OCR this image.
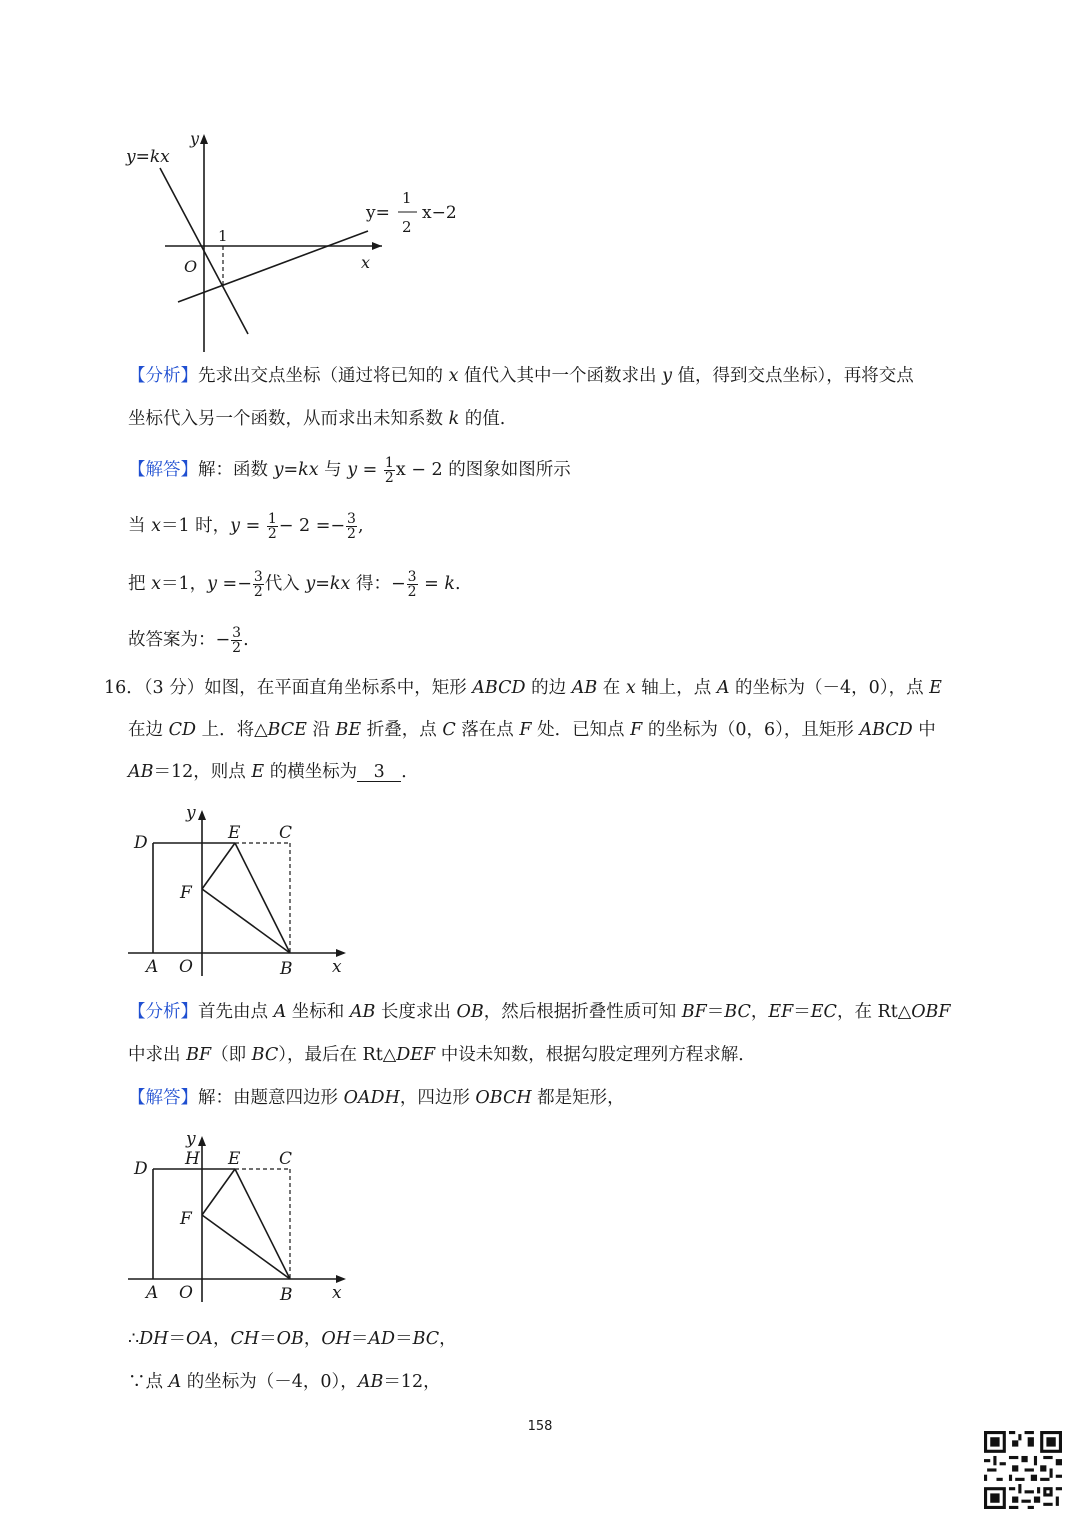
y=kx
y
x
O
1
y=
1
2
x−2
【分析】先求出交点坐标（通过将已知的 x 值代入其中一个函数求出 y 值，得到交点坐标），再将交点
坐标代入另一个函数，从而求出未知系数 k 的值.
【解答】解：函数 y=kx 与 $y = \frac{1}{2}$ x − 2 的图象如图所示
当 x＝1 时，$y = \frac{1}{2} - 2 =- \frac{3}{2}$ ,
把 x＝1，$y =- \frac{3}{2}$ 代入 y=kx 得：− $\frac{3}{2} = k$.
故答案为：− $\frac{3}{2}$ .
16．（3 分）如图，在平面直角坐标系中，矩形 ABCD 的边 AB 在 x 轴上，点 A 的坐标为（－4，0），点 E
在边 CD 上．将△BCE 沿 BE 折叠，点 C 落在点 F 处．已知点 F 的坐标为（0，6），且矩形 ABCD 中
AB＝12，则点 E 的横坐标为 3 ．
y
D	E C
F
A O	B x
【分析】首先由点 A 坐标和 AB 长度求出 OB，然后根据折叠性质可知 BF＝BC，EF＝EC，在 Rt△OBF
中求出 BF（即 BC），最后在 Rt△DEF 中设未知数，根据勾股定理列方程求解．
【解答】解：由题意四边形 OADH，四边形 OBCH 都是矩形，
y
D H E C
F
A O	B x
∴DH＝OA，CH＝OB，OH＝AD＝BC，
∵点 A 的坐标为（－4，0），AB＝12，
158
